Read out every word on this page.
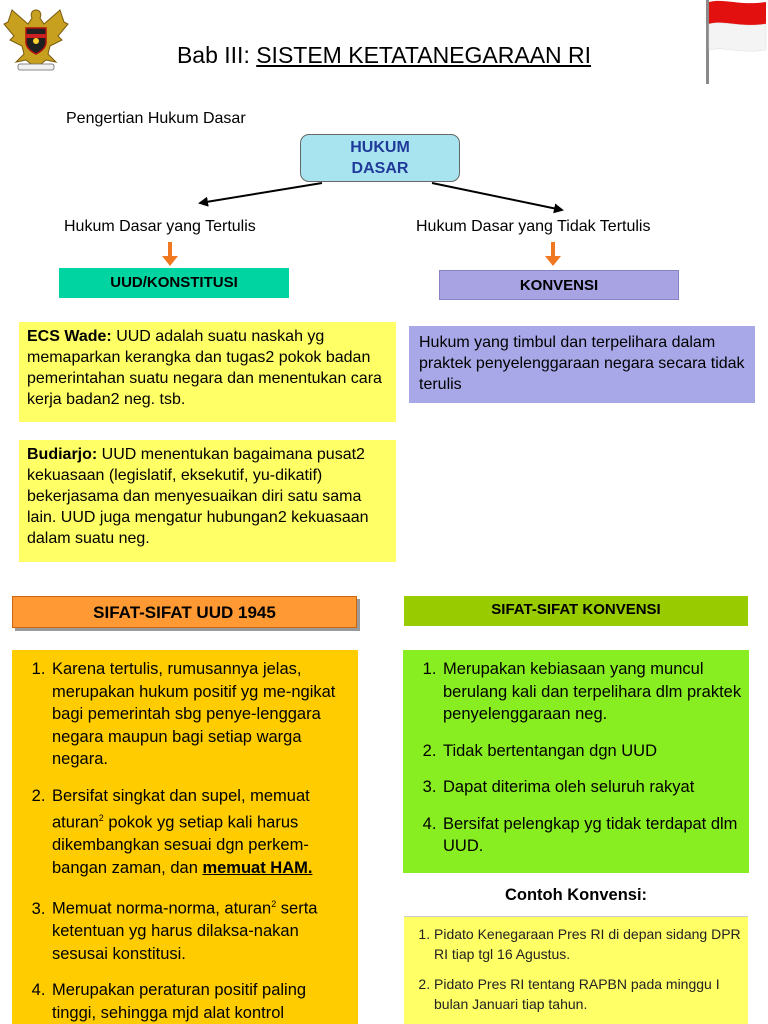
Bab III: SISTEM KETATANEGARAAN RI
Pengertian Hukum Dasar
HUKUM
DASAR
Hukum Dasar yang Tertulis	Hukum Dasar yang Tidak Tertulis
UUD/KONSTITUSI	KONVENSI
ECS Wade: UUD adalah suatu naskah yg memaparkan kerangka dan tugas2 pokok badan pemerintahan suatu negara dan menentukan cara kerja badan2 neg. tsb.
Hukum yang timbul dan terpelihara dalam praktek penyelenggaraan negara secara tidak terulis
Budiarjo: UUD menentukan bagaimana pusat2 kekuasaan (legislatif, eksekutif, yu-dikatif) bekerjasama dan menyesuaikan diri satu sama lain. UUD juga mengatur hubungan2 kekuasaan dalam suatu neg.
SIFAT-SIFAT UUD 1945	SIFAT-SIFAT KONVENSI
1. Karena tertulis, rumusannya jelas, merupakan hukum positif yg me-ngikat bagi pemerintah sbg penye-lenggara negara maupun bagi setiap warga negara.
2. Bersifat singkat dan supel, memuat aturan$^2$ pokok yg setiap kali harus dikembangkan sesuai dgn perkem-bangan zaman, dan memuat HAM.
3. Memuat norma-norma, aturan$^2$ serta ketentuan yg harus dilaksa-nakan sesusai konstitusi.
4. Merupakan peraturan positif paling tinggi, sehingga mjd alat kontrol
1. Merupakan kebiasaan yang muncul berulang kali dan terpelihara dlm praktek penyelenggaraan neg.
2. Tidak bertentangan dgn UUD
3. Dapat diterima oleh seluruh rakyat
4. Bersifat pelengkap yg tidak terdapat dlm UUD.
Contoh Konvensi:
1. Pidato Kenegaraan Pres RI di depan sidang DPR RI tiap tgl 16 Agustus.
2. Pidato Pres RI tentang RAPBN pada minggu I bulan Januari tiap tahun.
